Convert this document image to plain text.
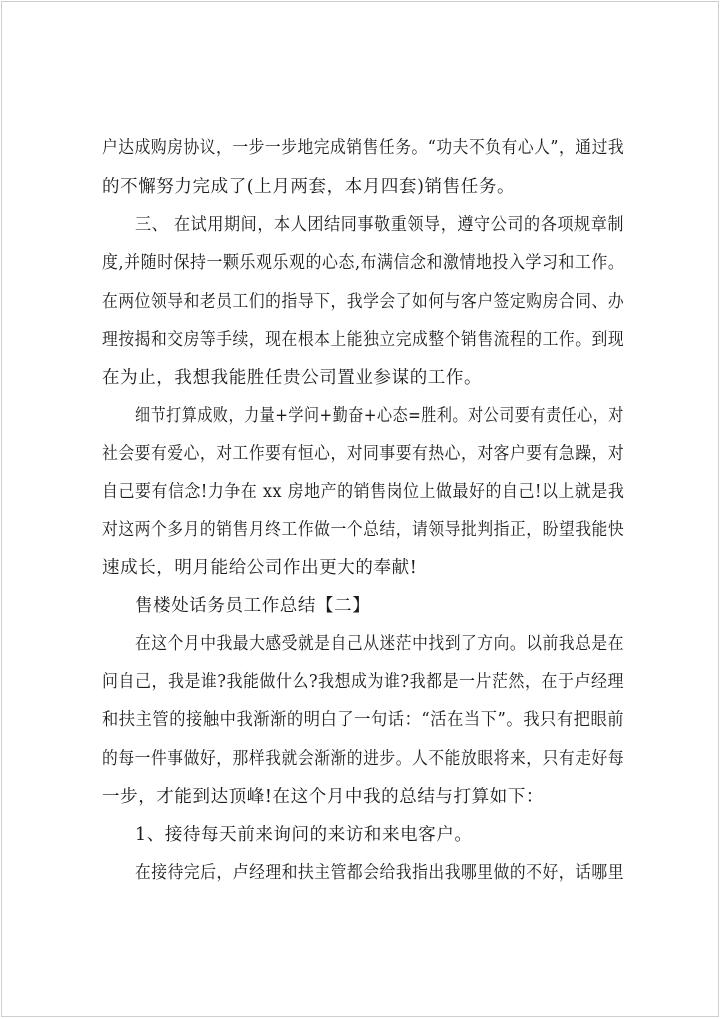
户达成购房协议，一步一步地完成销售任务。“功夫不负有心人”，通过我
的不懈努力完成了(上月两套，本月四套)销售任务。
三、 在试用期间，本人团结同事敬重领导，遵守公司的各项规章制
度,并随时保持一颗乐观乐观的心态,布满信念和激情地投入学习和工作。
在两位领导和老员工们的指导下，我学会了如何与客户签定购房合同、办
理按揭和交房等手续，现在根本上能独立完成整个销售流程的工作。到现
在为止，我想我能胜任贵公司置业参谋的工作。
细节打算成败，力量+学问+勤奋+心态=胜利。对公司要有责任心，对
社会要有爱心，对工作要有恒心，对同事要有热心，对客户要有急躁，对
自己要有信念!力争在 xx 房地产的销售岗位上做最好的自己!以上就是我
对这两个多月的销售月终工作做一个总结，请领导批判指正，盼望我能快
速成长，明月能给公司作出更大的奉献!
售楼处话务员工作总结【二】
在这个月中我最大感受就是自己从迷茫中找到了方向。以前我总是在
问自己，我是谁?我能做什么?我想成为谁?我都是一片茫然，在于卢经理
和扶主管的接触中我渐渐的明白了一句话：“活在当下”。我只有把眼前
的每一件事做好，那样我就会渐渐的进步。人不能放眼将来，只有走好每
一步，才能到达顶峰!在这个月中我的总结与打算如下：
1、接待每天前来询问的来访和来电客户。
在接待完后，卢经理和扶主管都会给我指出我哪里做的不好，话哪里
